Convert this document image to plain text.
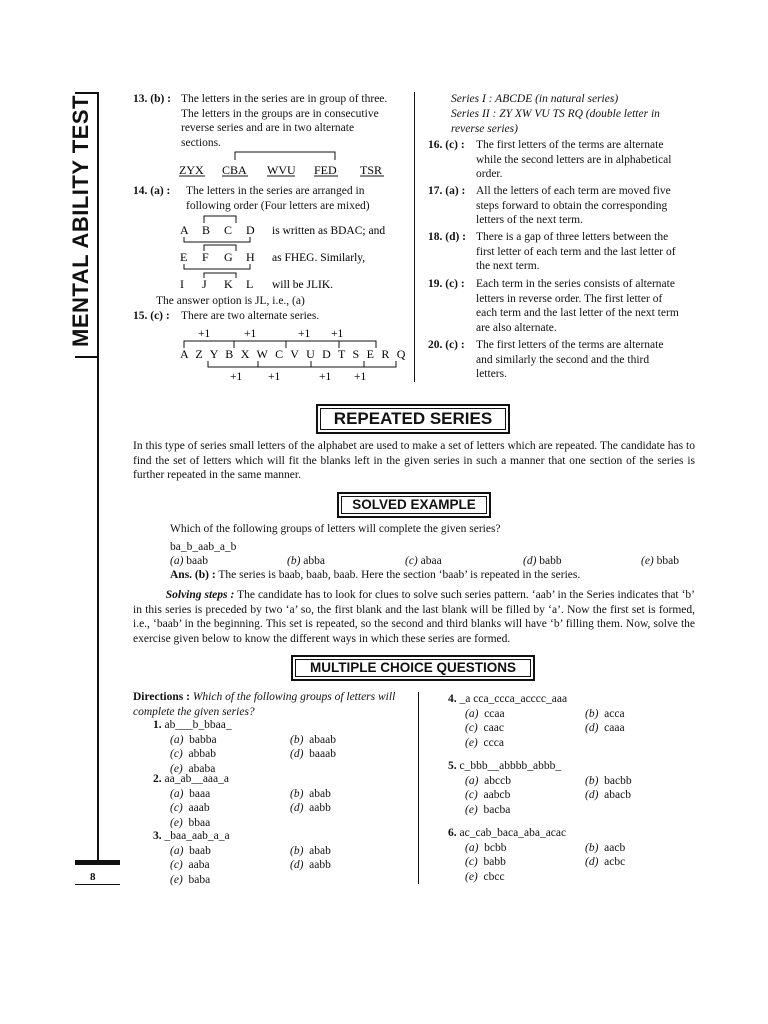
MENTAL ABILITY TEST
8
13. (b) : The letters in the series are in group of three.
The letters in the groups are in consecutive
reverse series and are in two alternate
sections.
ZYX CBA WVU FED TSR
14. (a) : The letters in the series are arranged in
following order (Four letters are mixed)
A B C D is written as BDAC; and
E F G H as FHEG. Similarly,
I J K L will be JLIK.
The answer option is JL, i.e., (a)
15. (c) : There are two alternate series.
+1	+1	+1 +1
A Z Y B X W C V U D T S E R Q
+1 +1	+1 +1
Series I : ABCDE (in natural series)
Series II : ZY XW VU TS RQ (double letter in reverse series)
16. (c) : The first letters of the terms are alternate
while the second letters are in alphabetical
order.
17. (a) : All the letters of each term are moved five
steps forward to obtain the corresponding
letters of the next term.
18. (d) : There is a gap of three letters between the
first letter of each term and the last letter of
the next term.
19. (c) : Each term in the series consists of alternate
letters in reverse order. The first letter of
each term and the last letter of the next term
are also alternate.
20. (c) : The first letters of the terms are alternate
and similarly the second and the third
letters.
REPEATED SERIES
In this type of series small letters of the alphabet are used to make a set of letters which are repeated. The candidate has to find the set of letters which will fit the blanks left in the given series in such a manner that one section of the series is further repeated in the same manner.
SOLVED EXAMPLE
Which of the following groups of letters will complete the given series?
ba_b_aab_a_b
(a) baab	(b) abba	(c) abaa	(d) babb	(e) bbab
Ans. (b) : The series is baab, baab, baab. Here the section ‘baab’ is repeated in the series.
Solving steps : The candidate has to look for clues to solve such series pattern. ‘aab’ in the Series indicates that ‘b’ in this series is preceded by two ‘a’ so, the first blank and the last blank will be filled by ‘a’. Now the first set is formed, i.e., ‘baab’ in the beginning. This set is repeated, so the second and third blanks will have ‘b’ filling them. Now, solve the exercise given below to know the different ways in which these series are formed.
MULTIPLE CHOICE QUESTIONS
Directions : Which of the following groups of letters will complete the given series?
1. ab___b_bbaa_
(a) babba	(b) abaab
(c) abbab	(d) baaab
(e) ababa
2. aa_ab__aaa_a
(a) baaa	(b) abab
(c) aaab	(d) aabb
(e) bbaa
3. _baa_aab_a_a
(a) baab	(b) abab
(c) aaba	(d) aabb
(e) baba
4. _a cca_ccca_acccc_aaa
(a) ccaa	(b) acca
(c) caac	(d) caaa
(e) ccca
5. c_bbb__abbbb_abbb_
(a) abccb	(b) bacbb
(c) aabcb	(d) abacb
(e) bacba
6. ac_cab_baca_aba_acac
(a) bcbb	(b) aacb
(c) babb	(d) acbc
(e) cbcc
